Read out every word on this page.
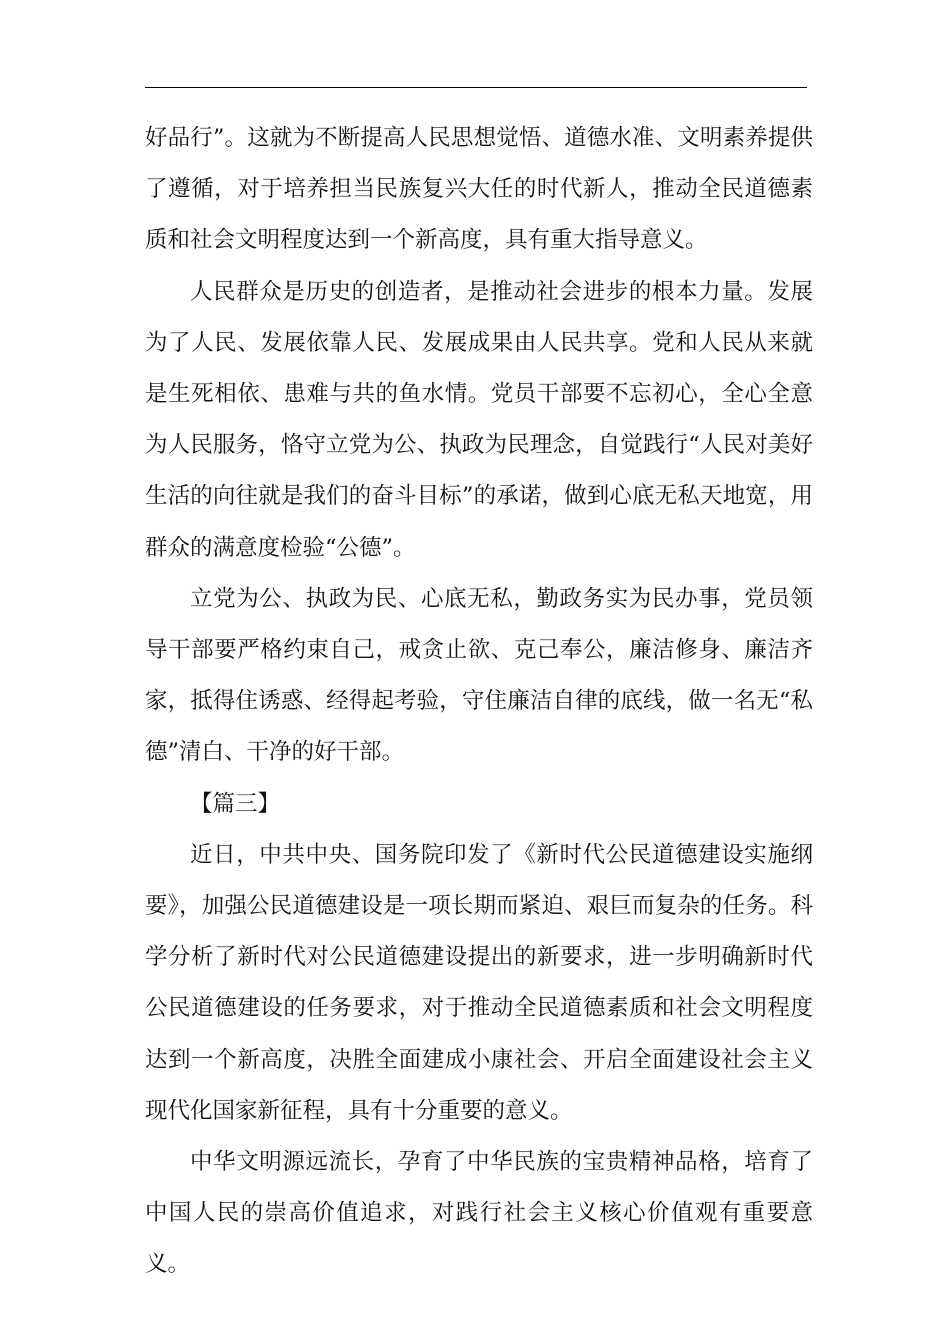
好品行”。这就为不断提高人民思想觉悟、道德水准、文明素养提供了遵循，对于培养担当民族复兴大任的时代新人，推动全民道德素质和社会文明程度达到一个新高度，具有重大指导意义。

人民群众是历史的创造者，是推动社会进步的根本力量。发展为了人民、发展依靠人民、发展成果由人民共享。党和人民从来就是生死相依、患难与共的鱼水情。党员干部要不忘初心，全心全意为人民服务，恪守立党为公、执政为民理念，自觉践行“人民对美好生活的向往就是我们的奋斗目标”的承诺，做到心底无私天地宽，用群众的满意度检验“公德”。

立党为公、执政为民、心底无私，勤政务实为民办事，党员领导干部要严格约束自己，戒贪止欲、克己奉公，廉洁修身、廉洁齐家，抵得住诱惑、经得起考验，守住廉洁自律的底线，做一名无“私德”清白、干净的好干部。

【篇三】

近日，中共中央、国务院印发了《新时代公民道德建设实施纲要》，加强公民道德建设是一项长期而紧迫、艰巨而复杂的任务。科学分析了新时代对公民道德建设提出的新要求，进一步明确新时代公民道德建设的任务要求，对于推动全民道德素质和社会文明程度达到一个新高度，决胜全面建成小康社会、开启全面建设社会主义现代化国家新征程，具有十分重要的意义。

中华文明源远流长，孕育了中华民族的宝贵精神品格，培育了中国人民的崇高价值追求，对践行社会主义核心价值观有重要意义。
